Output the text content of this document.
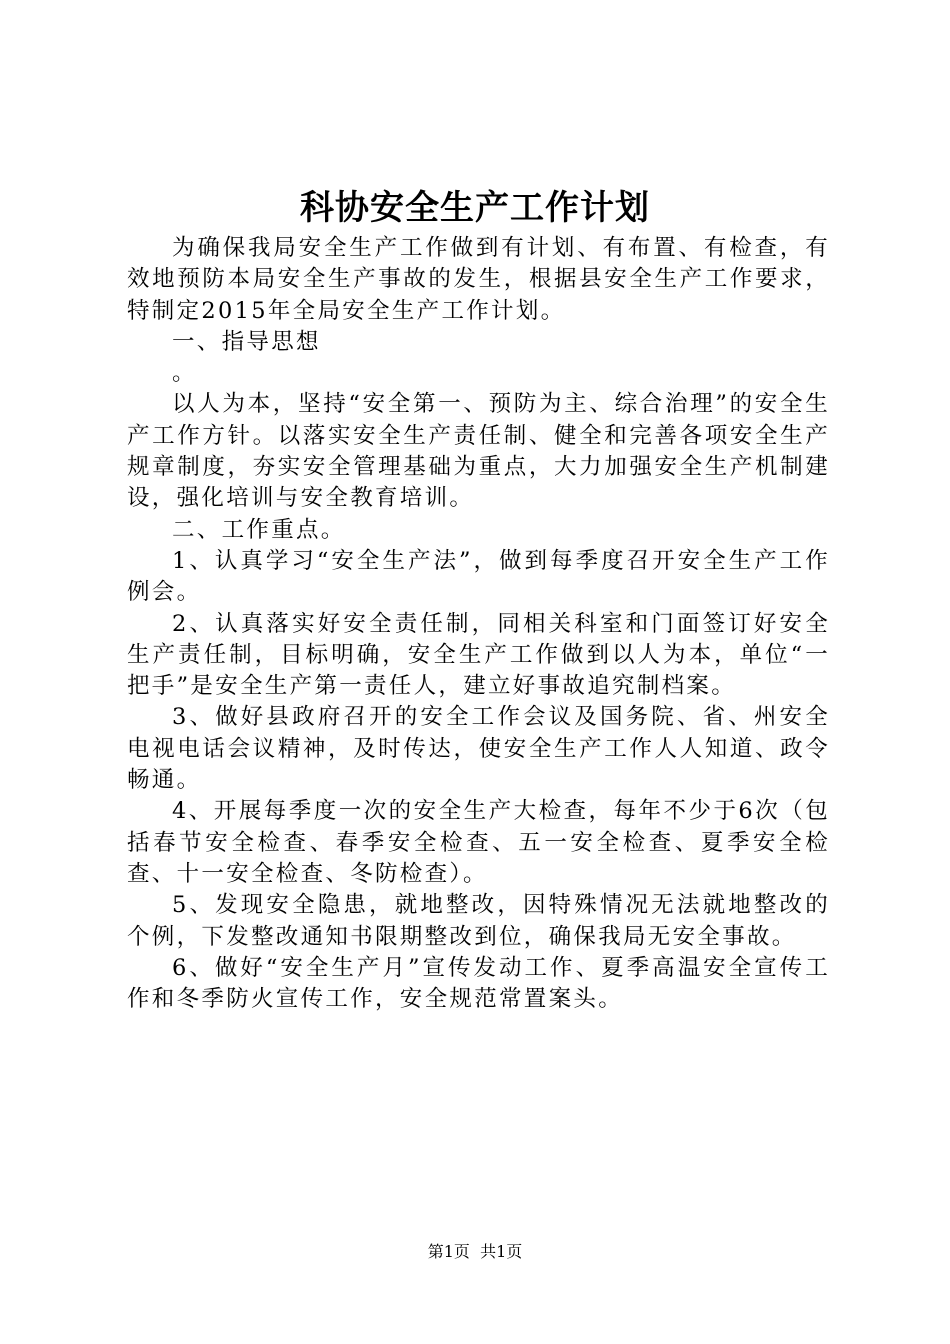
科协安全生产工作计划

为确保我局安全生产工作做到有计划、有布置、有检查，有效地预防本局安全生产事故的发生，根据县安全生产工作要求，特制定2015年全局安全生产工作计划。

一、指导思想

。

以人为本，坚持“安全第一、预防为主、综合治理”的安全生产工作方针。以落实安全生产责任制、健全和完善各项安全生产规章制度，夯实安全管理基础为重点，大力加强安全生产机制建设，强化培训与安全教育培训。

二、工作重点。

1、认真学习“安全生产法”，做到每季度召开安全生产工作例会。

2、认真落实好安全责任制，同相关科室和门面签订好安全生产责任制，目标明确，安全生产工作做到以人为本，单位“一把手”是安全生产第一责任人，建立好事故追究制档案。

3、做好县政府召开的安全工作会议及国务院、省、州安全电视电话会议精神，及时传达，使安全生产工作人人知道、政令畅通。

4、开展每季度一次的安全生产大检查，每年不少于6次（包括春节安全检查、春季安全检查、五一安全检查、夏季安全检查、十一安全检查、冬防检查）。

5、发现安全隐患，就地整改，因特殊情况无法就地整改的个例，下发整改通知书限期整改到位，确保我局无安全事故。

6、做好“安全生产月”宣传发动工作、夏季高温安全宣传工作和冬季防火宣传工作，安全规范常置案头。

第1页 共1页
